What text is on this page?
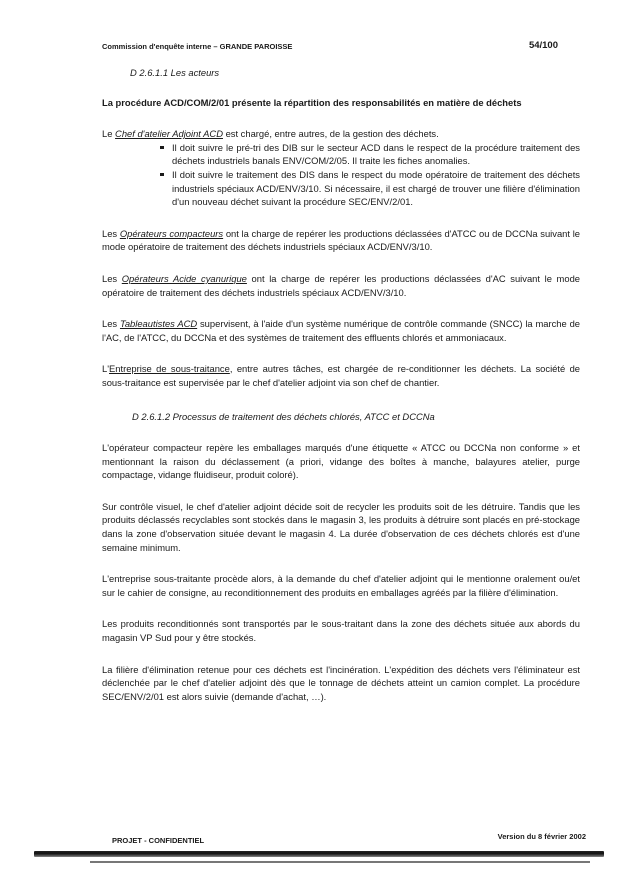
Commission d'enquête interne – GRANDE PAROISSE	54/100

D 2.6.1.1 Les acteurs

La procédure ACD/COM/2/01 présente la répartition des responsabilités en matière de déchets

Le Chef d'atelier Adjoint ACD est chargé, entre autres, de la gestion des déchets.

Il doit suivre le pré-tri des DIB sur le secteur ACD dans le respect de la procédure traitement des déchets industriels banals ENV/COM/2/05. Il traite les fiches anomalies.
Il doit suivre le traitement des DIS dans le respect du mode opératoire de traitement des déchets industriels spéciaux ACD/ENV/3/10. Si nécessaire, il est chargé de trouver une filière d'élimination d'un nouveau déchet suivant la procédure SEC/ENV/2/01.

Les Opérateurs compacteurs ont la charge de repérer les productions déclassées d'ATCC ou de DCCNa suivant le mode opératoire de traitement des déchets industriels spéciaux ACD/ENV/3/10.

Les Opérateurs Acide cyanurique ont la charge de repérer les productions déclassées d'AC suivant le mode opératoire de traitement des déchets industriels spéciaux ACD/ENV/3/10.

Les Tableautistes ACD supervisent, à l'aide d'un système numérique de contrôle commande (SNCC) la marche de l'AC, de l'ATCC, du DCCNa et des systèmes de traitement des effluents chlorés et ammoniacaux.

L'Entreprise de sous-traitance, entre autres tâches, est chargée de re-conditionner les déchets. La société de sous-traitance est supervisée par le chef d'atelier adjoint via son chef de chantier.

D 2.6.1.2 Processus de traitement des déchets chlorés, ATCC et DCCNa

L'opérateur compacteur repère les emballages marqués d'une étiquette « ATCC ou DCCNa non conforme » et mentionnant la raison du déclassement (a priori, vidange des boîtes à manche, balayures atelier, purge compactage, vidange fluidiseur, produit coloré).

Sur contrôle visuel, le chef d'atelier adjoint décide soit de recycler les produits soit de les détruire. Tandis que les produits déclassés recyclables sont stockés dans le magasin 3, les produits à détruire sont placés en pré-stockage dans la zone d'observation située devant le magasin 4. La durée d'observation de ces déchets chlorés est d'une semaine minimum.

L'entreprise sous-traitante procède alors, à la demande du chef d'atelier adjoint qui le mentionne oralement ou/et sur le cahier de consigne, au reconditionnement des produits en emballages agréés par la filière d'élimination.

Les produits reconditionnés sont transportés par le sous-traitant dans la zone des déchets située aux abords du magasin VP Sud pour y être stockés.

La filière d'élimination retenue pour ces déchets est l'incinération. L'expédition des déchets vers l'éliminateur est déclenchée par le chef d'atelier adjoint dès que le tonnage de déchets atteint un camion complet. La procédure SEC/ENV/2/01 est alors suivie (demande d'achat, …).

PROJET - CONFIDENTIEL	Version du 8 février 2002
